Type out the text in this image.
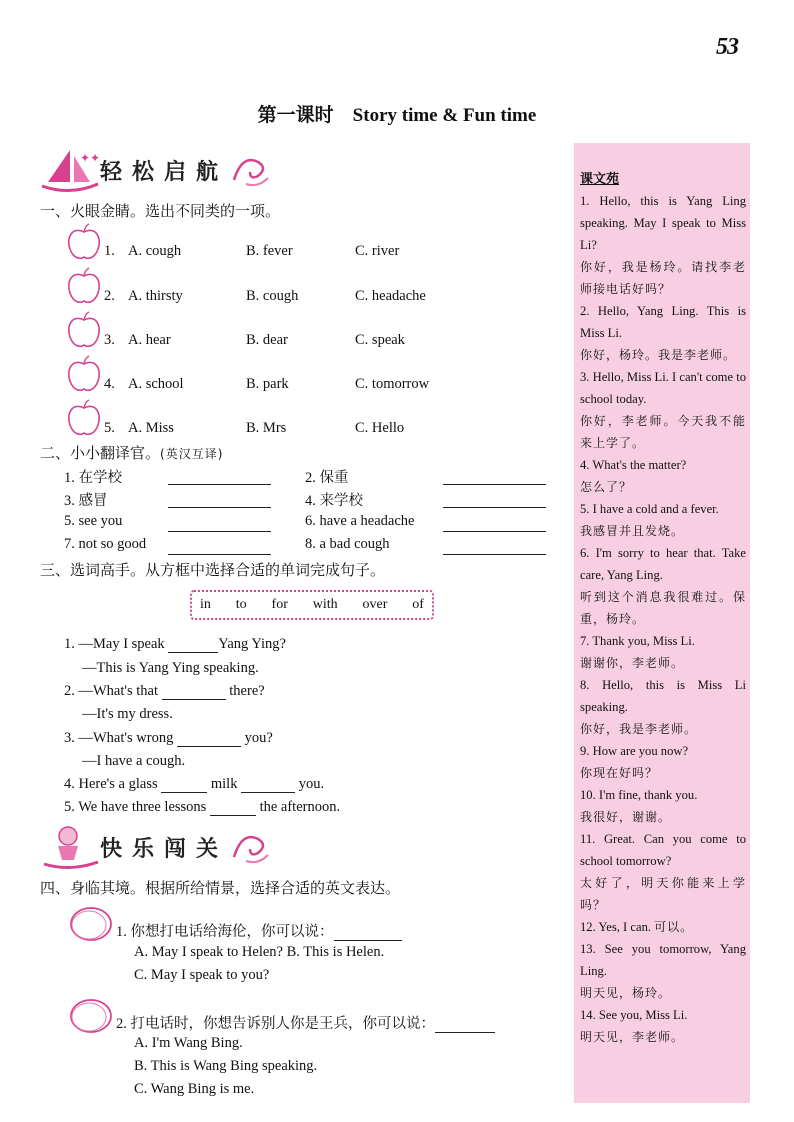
53
第一课时　Story time & Fun time
✦✦
轻松启航
一、火眼金睛。选出不同类的一项。
1. A. cough	B. fever	C. river
2. A. thirsty	B. cough	C. headache
3. A. hear	B. dear	C. speak
4. A. school	B. park	C. tomorrow
5. A. Miss	B. Mrs	C. Hello
二、小小翻译官。(英汉互译)
1. 在学校	2. 保重
3. 感冒	4. 来学校
5. see you	6. have a headache
7. not so good	8. a bad cough
三、选词高手。从方框中选择合适的单词完成句子。
in to for with over of
1. —May I speak	Yang Ying?
—This is Yang Ying speaking.
2. —What's that	there?
—It's my dress.
3. —What's wrong	you?
—I have a cough.
4. Here's a glass	milk	you.
5. We have three lessons	the afternoon.
快乐闯关
四、身临其境。根据所给情景，选择合适的英文表达。
1. 你想打电话给海伦，你可以说：
A. May I speak to Helen? B. This is Helen.
C. May I speak to you?
2. 打电话时，你想告诉别人你是王兵，你可以说：
A. I'm Wang Bing.
B. This is Wang Bing speaking.
C. Wang Bing is me.

课文苑

1. Hello, this is Yang Ling speaking. May I speak to Miss Li?

你好，我是杨玲。请找李老师接电话好吗？

2. Hello, Yang Ling. This is Miss Li.

你好，杨玲。我是李老师。

3. Hello, Miss Li. I can't come to school today.

你好，李老师。今天我不能来上学了。

4. What's the matter?

怎么了？

5. I have a cold and a fever.

我感冒并且发烧。

6. I'm sorry to hear that. Take care, Yang Ling.

听到这个消息我很难过。保重，杨玲。

7. Thank you, Miss Li.

谢谢你，李老师。

8. Hello, this is Miss Li speaking.

你好，我是李老师。

9. How are you now?

你现在好吗？

10. I'm fine, thank you.

我很好，谢谢。

11. Great. Can you come to school tomorrow?

太好了，明天你能来上学吗？

12. Yes, I can. 可以。

13. See you tomorrow, Yang Ling.

明天见，杨玲。

14. See you, Miss Li.

明天见，李老师。
